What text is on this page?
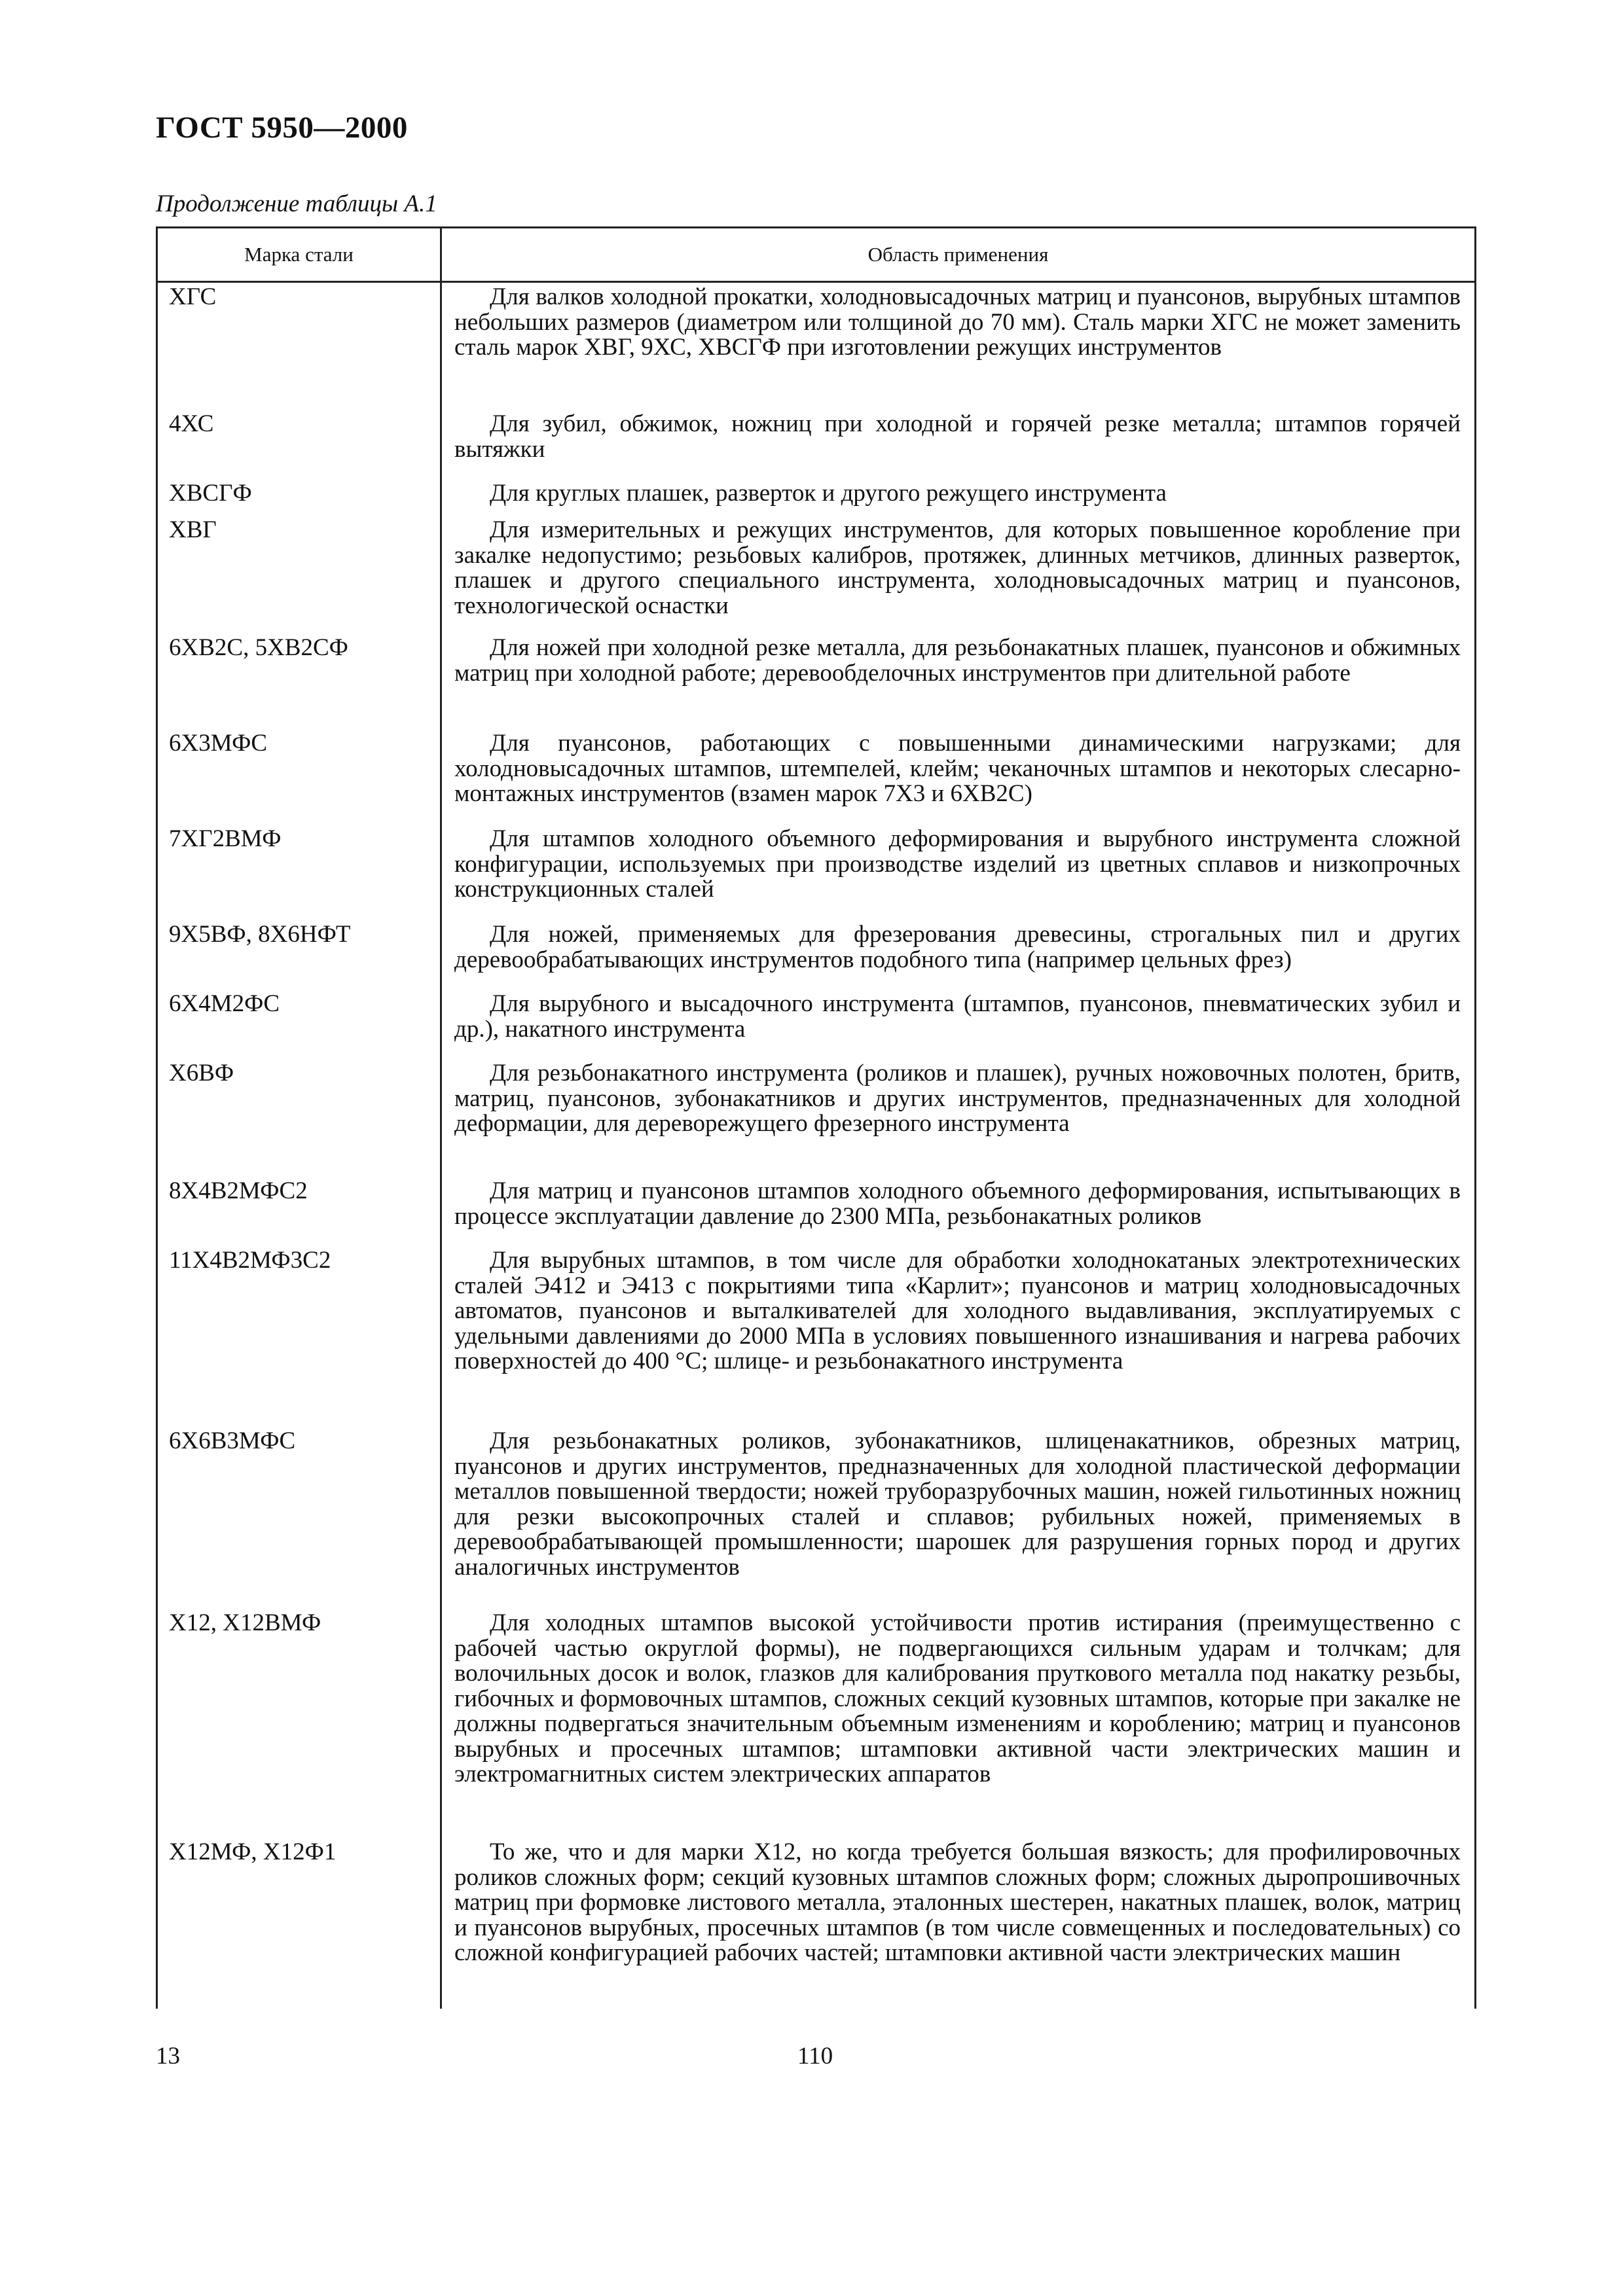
ГОСТ 5950—2000
Продолжение таблицы А.1
Марка стали	Область применения
ХГС	Для валков холодной прокатки, холодновысадочных матриц и пуансонов, вырубных штампов небольших размеров (диаметром или толщиной до 70 мм). Сталь марки ХГС не может заменить сталь марок ХВГ, 9ХС, ХВСГФ при изготовлении режущих инструментов
4ХС	Для зубил, обжимок, ножниц при холодной и горячей резке металла; штампов горячей вытяжки
ХВСГФ	Для круглых плашек, разверток и другого режущего инструмента
ХВГ	Для измерительных и режущих инструментов, для которых повышенное коробление при закалке недопустимо; резьбовых калибров, протяжек, длинных метчиков, длинных разверток, плашек и другого специального инструмента, холодновысадочных матриц и пуансонов, технологической оснастки
6ХВ2С, 5ХВ2СФ	Для ножей при холодной резке металла, для резьбонакатных плашек, пуансонов и обжимных матриц при холодной работе; деревообделочных инструментов при длительной работе
6Х3МФС	Для пуансонов, работающих с повышенными динамическими нагрузками; для холодновысадочных штампов, штемпелей, клейм; чеканочных штампов и некоторых слесарно-монтажных инструментов (взамен марок 7Х3 и 6ХВ2С)
7ХГ2ВМФ	Для штампов холодного объемного деформирования и вырубного инструмента сложной конфигурации, используемых при производстве изделий из цветных сплавов и низкопрочных конструкционных сталей
9Х5ВФ, 8Х6НФТ	Для ножей, применяемых для фрезерования древесины, строгальных пил и других деревообрабатывающих инструментов подобного типа (например цельных фрез)
6Х4М2ФС	Для вырубного и высадочного инструмента (штампов, пуансонов, пневматических зубил и др.), накатного инструмента
Х6ВФ	Для резьбонакатного инструмента (роликов и плашек), ручных ножовочных полотен, бритв, матриц, пуансонов, зубонакатников и других инструментов, предназначенных для холодной деформации, для дереворежущего фрезерного инструмента
8Х4В2МФС2	Для матриц и пуансонов штампов холодного объемного деформирования, испытывающих в процессе эксплуатации давление до 2300 МПа, резьбонакатных роликов
11Х4В2МФ3С2	Для вырубных штампов, в том числе для обработки холоднокатаных электротехнических сталей Э412 и Э413 с покрытиями типа «Карлит»; пуансонов и матриц холодновысадочных автоматов, пуансонов и выталкивателей для холодного выдавливания, эксплуатируемых с удельными давлениями до 2000 МПа в условиях повышенного изнашивания и нагрева рабочих поверхностей до 400 °С; шлице- и резьбонакатного инструмента
6Х6В3МФС	Для резьбонакатных роликов, зубонакатников, шлиценакатников, обрезных матриц, пуансонов и других инструментов, предназначенных для холодной пластической деформации металлов повышенной твердости; ножей труборазрубочных машин, ножей гильотинных ножниц для резки высокопрочных сталей и сплавов; рубильных ножей, применяемых в деревообрабатывающей промышленности; шарошек для разрушения горных пород и других аналогичных инструментов
Х12, Х12ВМФ	Для холодных штампов высокой устойчивости против истирания (преимущественно с рабочей частью округлой формы), не подвергающихся сильным ударам и толчкам; для волочильных досок и волок, глазков для калибрования пруткового металла под накатку резьбы, гибочных и формовочных штампов, сложных секций кузовных штампов, которые при закалке не должны подвергаться значительным объемным изменениям и короблению; матриц и пуансонов вырубных и просечных штампов; штамповки активной части электрических машин и электромагнитных систем электрических аппаратов
Х12МФ, Х12Ф1	То же, что и для марки Х12, но когда требуется большая вязкость; для профилировочных роликов сложных форм; секций кузовных штампов сложных форм; сложных дыропрошивочных матриц при формовке листового металла, эталонных шестерен, накатных плашек, волок, матриц и пуансонов вырубных, просечных штампов (в том числе совмещенных и последовательных) со сложной конфигурацией рабочих частей; штамповки активной части электрических машин
13	110
